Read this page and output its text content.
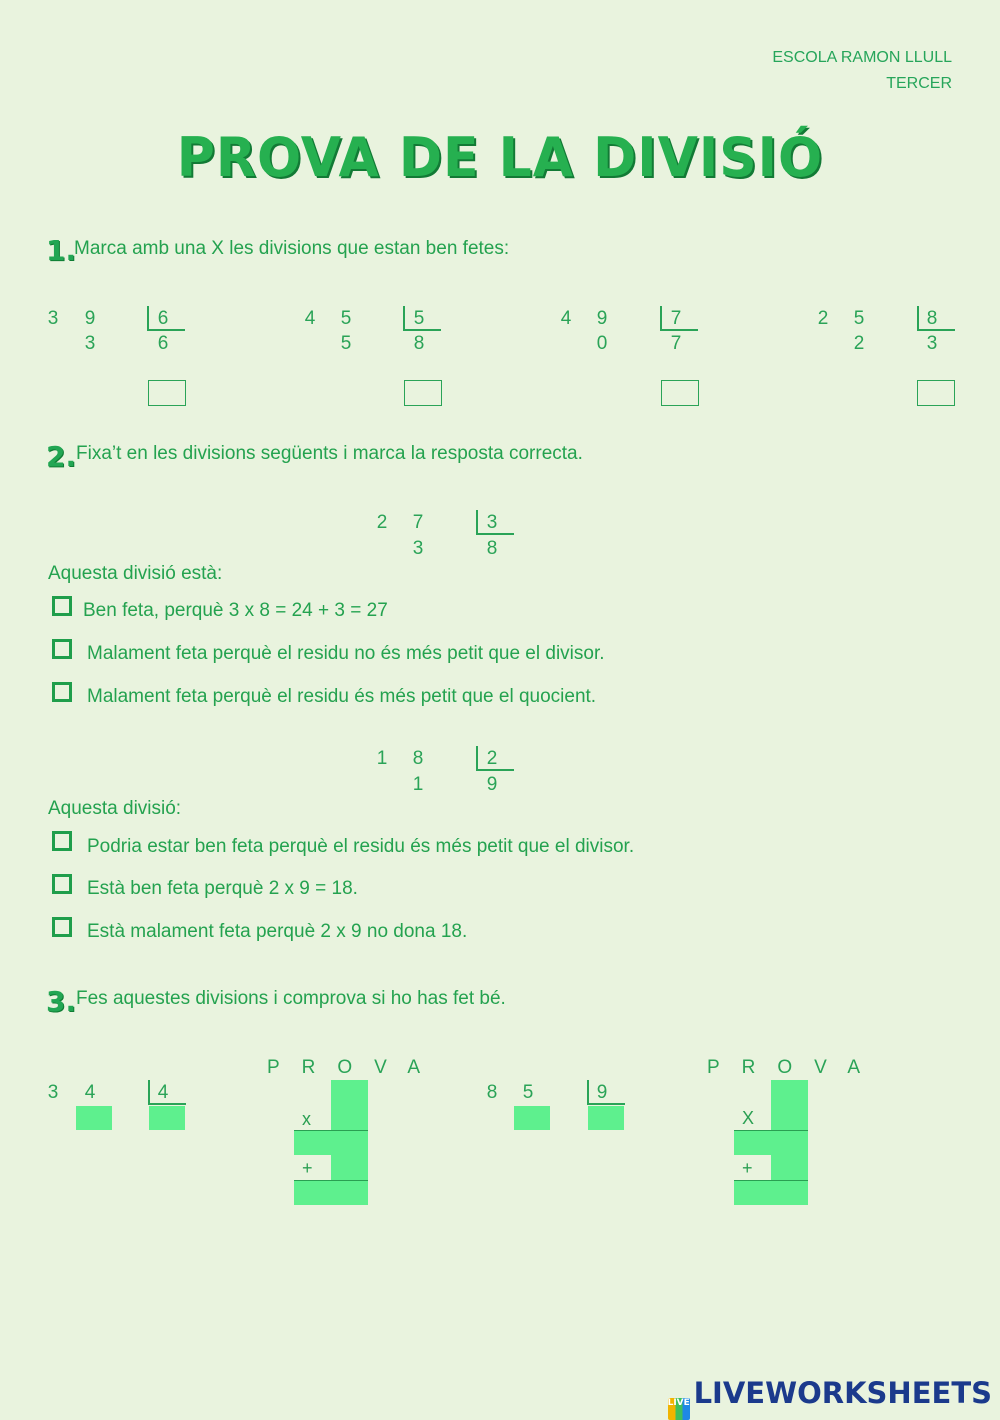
ESCOLA RAMON LLULL
TERCER
PROVA DE LA DIVISIÓ
1.
Marca amb una X les divisions que estan ben fetes:
3 9	6
3	6
4 5	5
5	8
4 9	7
0	7
2 5	8
2	3
2. Fixa’t en les divisions següents i marca la resposta correcta.
2 7	3
3	8
Aquesta divisió està:
Ben feta, perquè 3 x 8 = 24 + 3 = 27
Malament feta perquè el residu no és més petit que el divisor.
Malament feta perquè el residu és més petit que el quocient.
1 8	2
1	9
Aquesta divisió:
Podria estar ben feta perquè el residu és més petit que el divisor.
Està ben feta perquè 2 x 9 = 18.
Està malament feta perquè 2 x 9 no dona 18.
3. Fes aquestes divisions i comprova si ho has fet bé.
3 4	4
PROVA
x
+
8 5	9
PROVA
X
+
LIVE LIVEWORKSHEETS
